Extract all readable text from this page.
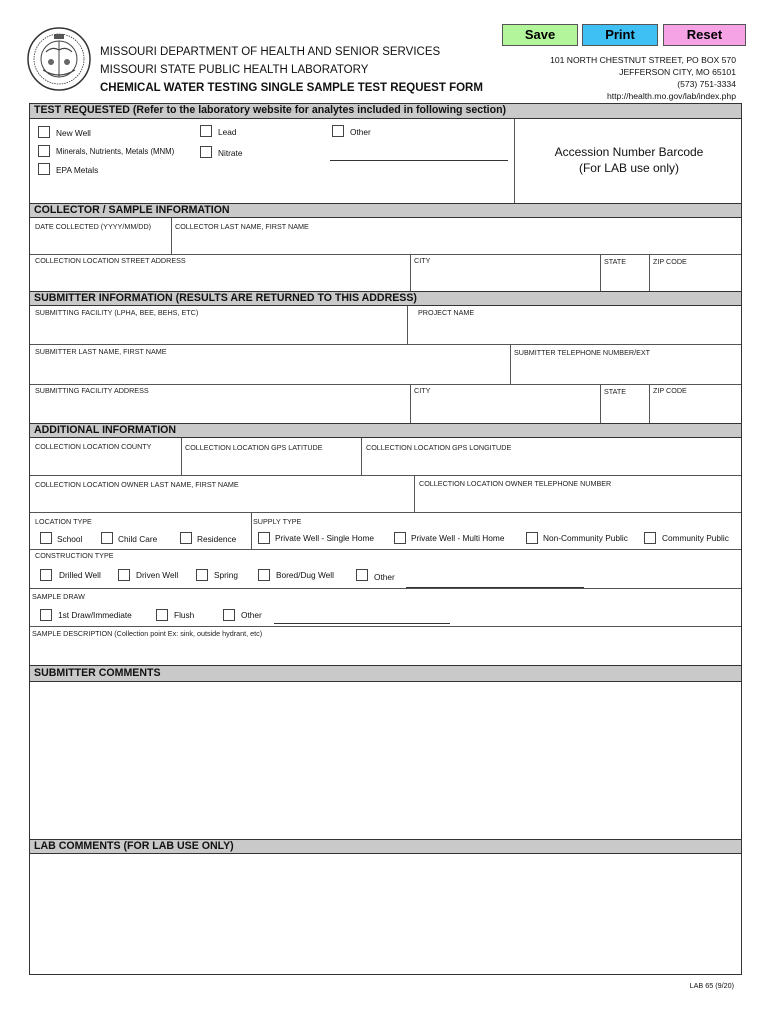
MISSOURI DEPARTMENT OF HEALTH AND SENIOR SERVICES
MISSOURI STATE PUBLIC HEALTH LABORATORY
CHEMICAL WATER TESTING SINGLE SAMPLE TEST REQUEST FORM
101 NORTH CHESTNUT STREET, PO BOX 570
JEFFERSON CITY, MO 65101
(573) 751-3334
http://health.mo.gov/lab/index.php
Save	Print	Reset
TEST REQUESTED (Refer to the laboratory website for analytes included in following section)
New Well	Lead	Other
Minerals, Nutrients, Metals (MNM)	Nitrate
EPA Metals
Accession Number Barcode
(For LAB use only)
COLLECTOR / SAMPLE INFORMATION
DATE COLLECTED (YYYY/MM/DD)	COLLECTOR LAST NAME, FIRST NAME
COLLECTION LOCATION STREET ADDRESS	CITY	STATE	ZIP CODE
SUBMITTER INFORMATION (RESULTS ARE RETURNED TO THIS ADDRESS)
SUBMITTING FACILITY (LPHA, BEE, BEHS, ETC)	PROJECT NAME
SUBMITTER LAST NAME, FIRST NAME	SUBMITTER TELEPHONE NUMBER/EXT
SUBMITTING FACILITY ADDRESS	CITY	STATE	ZIP CODE
ADDITIONAL INFORMATION
COLLECTION LOCATION COUNTY	COLLECTION LOCATION GPS LATITUDE	COLLECTION LOCATION GPS LONGITUDE
COLLECTION LOCATION OWNER LAST NAME, FIRST NAME	COLLECTION LOCATION OWNER TELEPHONE NUMBER
LOCATION TYPE	SUPPLY TYPE
School	Child Care	Residence	Private Well - Single Home	Private Well - Multi Home	Non-Community Public	Community Public
CONSTRUCTION TYPE
Drilled Well	Driven Well	Spring	Bored/Dug Well	Other
SAMPLE DRAW
1st Draw/Immediate	Flush	Other
SAMPLE DESCRIPTION (Collection point Ex: sink, outside hydrant, etc)
SUBMITTER COMMENTS
LAB COMMENTS (FOR LAB USE ONLY)
LAB 65 (9/20)
